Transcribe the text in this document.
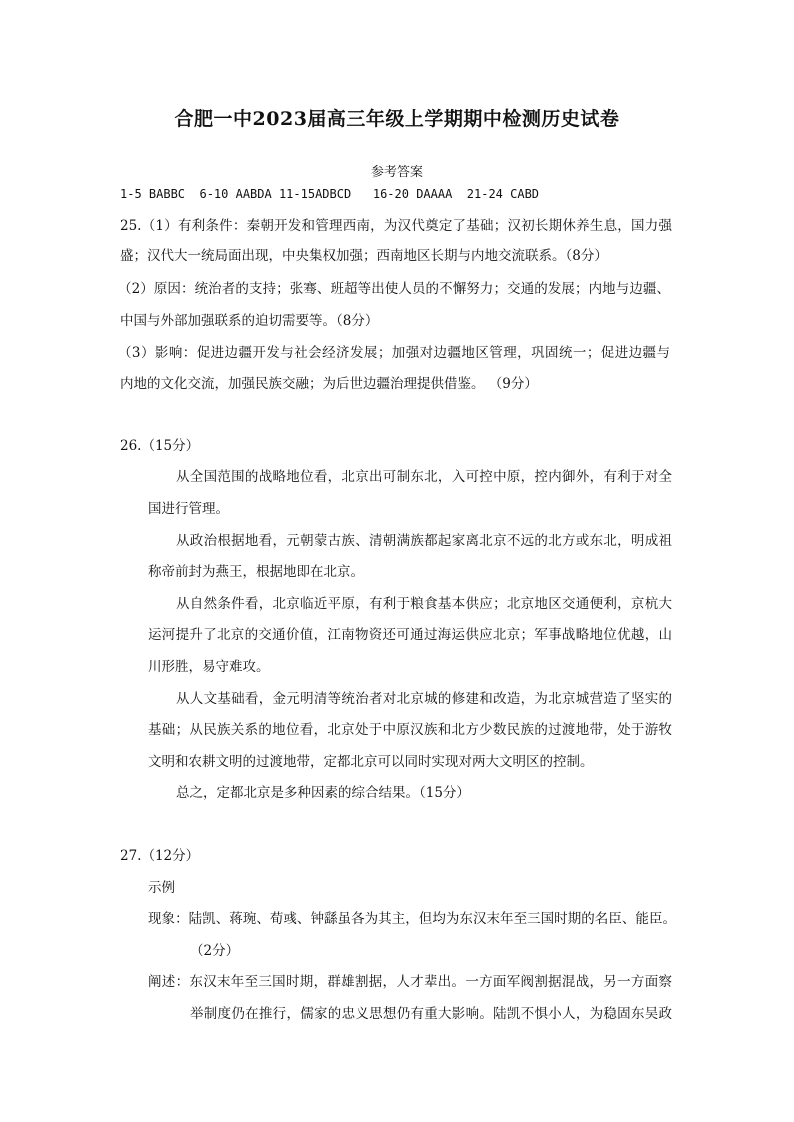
合肥一中2023届高三年级上学期期中检测历史试卷
参考答案
1-5 BABBC  6-10 AABDA 11-15ADBCD   16-20 DAAAA  21-24 CABD
25.（1）有利条件：秦朝开发和管理西南，为汉代奠定了基础；汉初长期休养生息，国力强
盛；汉代大一统局面出现，中央集权加强；西南地区长期与内地交流联系。（8分）
（2）原因：统治者的支持；张骞、班超等出使人员的不懈努力；交通的发展；内地与边疆、
中国与外部加强联系的迫切需要等。（8分）
（3）影响：促进边疆开发与社会经济发展；加强对边疆地区管理，巩固统一；促进边疆与
内地的文化交流，加强民族交融；为后世边疆治理提供借鉴。 （9分）
26.（15分）
从全国范围的战略地位看，北京出可制东北，入可控中原，控内御外，有利于对全
国进行管理。
从政治根据地看，元朝蒙古族、清朝满族都起家离北京不远的北方或东北，明成祖
称帝前封为燕王，根据地即在北京。
从自然条件看，北京临近平原，有利于粮食基本供应；北京地区交通便利，京杭大
运河提升了北京的交通价值，江南物资还可通过海运供应北京；军事战略地位优越，山
川形胜，易守难攻。
从人文基础看，金元明清等统治者对北京城的修建和改造，为北京城营造了坚实的
基础；从民族关系的地位看，北京处于中原汉族和北方少数民族的过渡地带，处于游牧
文明和农耕文明的过渡地带，定都北京可以同时实现对两大文明区的控制。
总之，定都北京是多种因素的综合结果。（15分）
27.（12分）
示例
现象：陆凯、蒋琬、荀彧、钟繇虽各为其主，但均为东汉末年至三国时期的名臣、能臣。
（2分）
阐述：东汉末年至三国时期，群雄割据，人才辈出。一方面军阀割据混战，另一方面察
举制度仍在推行，儒家的忠义思想仍有重大影响。陆凯不惧小人，为稳固东吴政
